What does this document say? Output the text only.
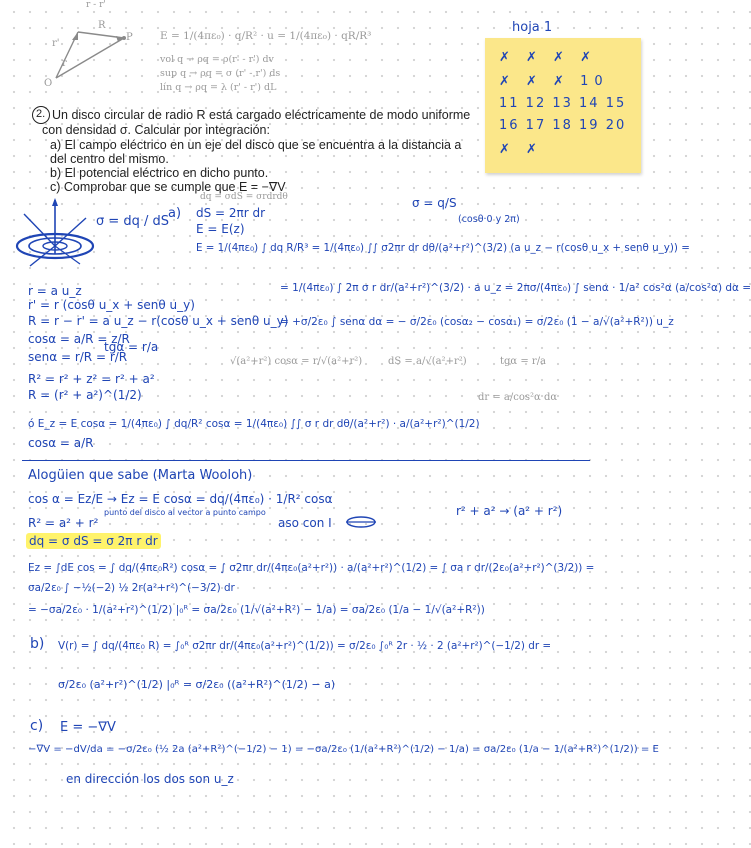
r - r'
r'
r
R
P
O
E = 1/(4πε₀) · q/R² · u = 1/(4πε₀) · qR/R³
vol q → ρq = ρ(r' - r') dv
sup q → ρq = σ (r' - r') ds
lín q → ρq = λ (r' - r') dL
hoja 1
✗ ✗ ✗ ✗
✗ ✗ ✗ 10
11 12 13 14 15
16 17 18 19 20
✗ ✗
2. Un disco circular de radio R está cargado eléctricamente de modo uniforme
con densidad σ. Calcular por integración:
a) El campo eléctrico en un eje del disco que se encuentra a la distancia a
del centro del mismo.
b) El potencial eléctrico en dicho punto.
c) Comprobar que se cumple que E = −∇V
σ = dq / dS
σ = q/S
dq = σdS = σrdrdθ
a) dS = 2πr dr
E = E(z)
(cosθ·0 y 2π)
E = 1/(4πε₀) ∫ dq R/R³ = 1/(4πε₀) ∫∫ σ2πr dr dθ/(a²+r²)^(3/2) (a u_z − r(cosθ u_x + senθ u_y)) =
= 1/(4πε₀) ∫ 2π σ r dr/(a²+r²)^(3/2) · a u_z = 2πσ/(4πε₀) ∫ senα · 1/a² cos²α (a/cos²α) dα =
= +σ/2ε₀ ∫ senα dα = − σ/2ε₀ (cosα₂ − cosα₁) = σ/2ε₀ (1 − a/√(a²+R²)) u_z
r = a u_z
r' = r (cosθ u_x + senθ u_y)
R = r − r' = a u_z − r(cosθ u_x + senθ u_y)
cosα = a/R = z/R
senα = r/R = r/R
tgα = r/a
R² = r² + z² = r² + a²
R = (r² + a²)^(1/2)
√(a²+r²) cosα = r/√(a²+r²)	dS = a/√(a²+r²)	tgα = r/a
dr = a/cos²α dα
ó E_z = E cosα = 1/(4πε₀) ∫ dq/R² cosα = 1/(4πε₀) ∫∫ σ r dr dθ/(a²+r²) · a/(a²+r²)^(1/2)
cosα = a/R
Alogüien que sabe (Marta Wooloh)
cos α = Ez/E → Ez = E cosα = dq/(4πε₀) · 1/R² cosα
punto del disco al vector a punto campo
R² = a² + r²
dq = σ dS = σ 2π r dr
aso con I
r² + a² → (a² + r²)
Ez = ∫dE cos = ∫ dq/(4πε₀R²) cosα = ∫ σ2πr dr/(4πε₀(a²+r²)) · a/(a²+r²)^(1/2) = ∫ σa r dr/(2ε₀(a²+r²)^(3/2)) = σa/2ε₀ ∫ −½(−2) ½ 2r(a²+r²)^(−3/2) dr
= −σa/2ε₀ · 1/(a²+r²)^(1/2) |₀ᴿ = σa/2ε₀ (1/√(a²+R²) − 1/a) = σa/2ε₀ (1/a − 1/√(a²+R²))
b) V(r) = ∫ dq/(4πε₀ R) = ∫₀ᴿ σ2πr dr/(4πε₀(a²+r²)^(1/2)) = σ/2ε₀ ∫₀ᴿ 2r · ½ · 2 (a²+r²)^(−1/2) dr =
σ/2ε₀ (a²+r²)^(1/2) |₀ᴿ = σ/2ε₀ ((a²+R²)^(1/2) − a)
c) E = −∇V
−∇V = −dV/da = −σ/2ε₀ (½ 2a (a²+R²)^(−1/2) − 1) = −σa/2ε₀ (1/(a²+R²)^(1/2) − 1/a) = σa/2ε₀ (1/a − 1/(a²+R²)^(1/2)) = E
en dirección los dos son u_z
